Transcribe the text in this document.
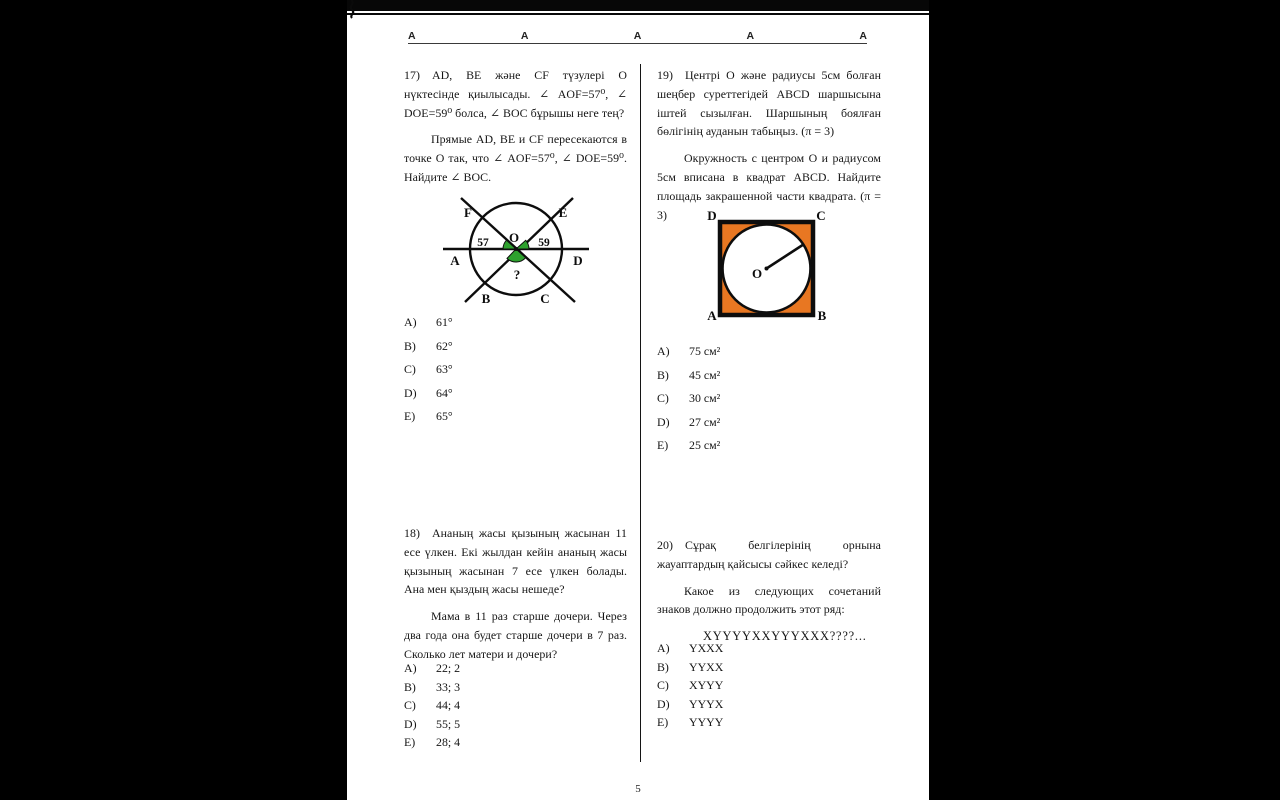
A	A	A	A	A

17)  AD, BE және CF түзулері О нүктесінде қиылысады. ∠ AOF=57⁰, ∠ DOE=59⁰ болса, ∠ BOC бұрышы неге тең?

Прямые AD, BE и CF пересекаются в точке О так, что ∠ AOF=57⁰, ∠ DOE=59⁰. Найдите ∠ BOC.

F	E
A	D
B	C
O
57	59
?
A)	61°
B)	62°
C)	63°
D)	64°
E)	65°

18)  Ананың жасы қызының жасынан 11 есе үлкен. Екі жылдан кейін ананың жасы қызының жасынан 7 есе үлкен болады. Ана мен қыздың жасы нешеде?

Мама в 11 раз старше дочери. Через два года она будет старше дочери в 7 раз. Сколько лет матери и дочери?

A)	22; 2
B)	33; 3
C)	44; 4
D)	55; 5
E)	28; 4

19)  Центрі О және радиусы 5см болған шеңбер суреттегідей ABCD шаршысына іштей сызылған. Шаршының боялған бөлігінің ауданын табыңыз. (π = 3)

Окружность с центром О и радиусом 5см вписана в квадрат ABCD. Найдите площадь закрашенной части квадрата. (π = 3)	D	C
A	B
O
A)	75 см²
B)	45 см²
C)	30 см²
D)	27 см²
E)	25 см²

20)  Сұрақ белгілерінің орнына жауаптардың қайсысы сәйкес келеді?

Какое из следующих сочетаний знаков должно продолжить этот ряд:

XYYYYXXYYYXXX????...

A)	YXXX
B)	YYXX
C)	XYYY
D)	YYYX
E)	YYYY
5
